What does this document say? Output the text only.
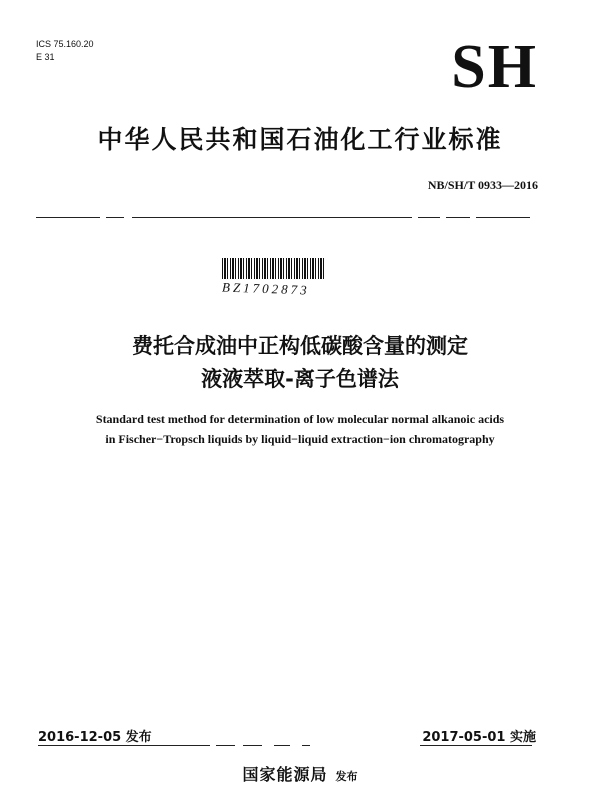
ICS 75.160.20
E 31	SH
中华人民共和国石油化工行业标准
NB/SH/T 0933—2016
BZ1702873
费托合成油中正构低碳酸含量的测定
液液萃取-离子色谱法
Standard test method for determination of low molecular normal alkanoic acids
in Fischer−Tropsch liquids by liquid−liquid extraction−ion chromatography
2016-12-05 发布	2017-05-01 实施
国家能源局 发布
